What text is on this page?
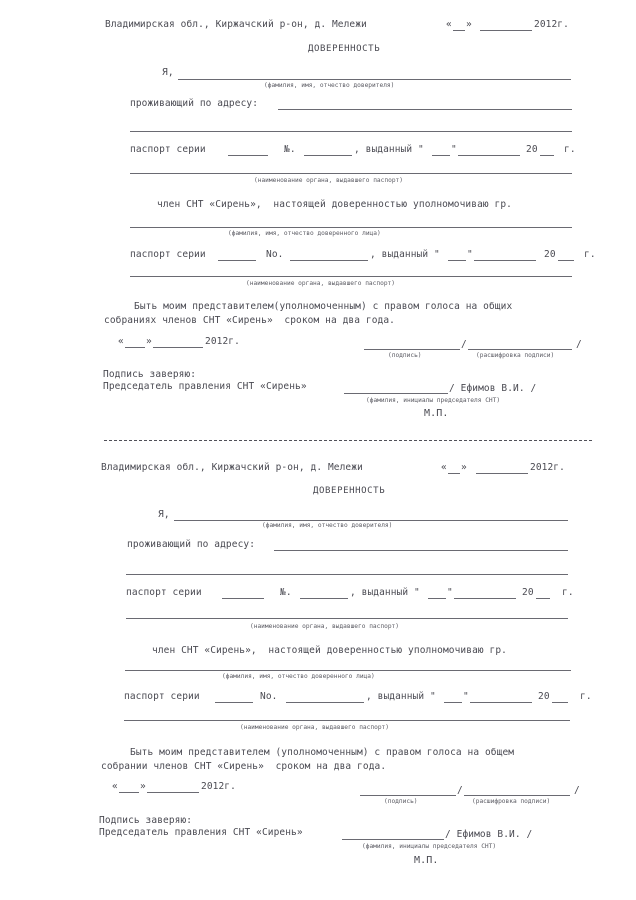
Владимирская обл., Киржачский р-он, д. Мележи	« »	2012г.
ДОВЕРЕННОСТЬ
Я,
(фамилия, имя, отчество доверителя)
проживающий по адресу:
паспорт серии	№.	, выданный "	"	20	г.
(наименование органа, выдавшего паспорт)
член СНТ «Сирень»,  настоящей доверенностью уполномочиваю гр.
(фамилия, имя, отчество доверенного лица)
паспорт серии	No.	, выданный "	"	20	г.
(наименование органа, выдавшего паспорт)
Быть моим представителем(уполномоченным) с правом голоса на общих
собраниях членов СНТ «Сирень»  сроком на два года.
« »	2012г.	/	/
(подпись)	(расшифровка подписи)
Подпись заверяю:
Председатель правления СНТ «Сирень»	/ Ефимов В.И. /
(фамилия, инициалы председателя СНТ)
М.П.
Владимирская обл., Киржачский р-он, д. Мележи	« »	2012г.
ДОВЕРЕННОСТЬ
Я,
(фамилия, имя, отчество доверителя)
проживающий по адресу:
паспорт серии	№.	, выданный "	"	20	г.
(наименование органа, выдавшего паспорт)
член СНТ «Сирень»,  настоящей доверенностью уполномочиваю гр.
(фамилия, имя, отчество доверенного лица)
паспорт серии	No.	, выданный "	"	20	г.
(наименование органа, выдавшего паспорт)
Быть моим представителем (уполномоченным) с правом голоса на общем
собрании членов СНТ «Сирень»  сроком на два года.
« »	2012г.	/	/
(подпись)	(расшифровка подписи)
Подпись заверяю:
Председатель правления СНТ «Сирень»	/ Ефимов В.И. /
(фамилия, инициалы председателя СНТ)
М.П.
